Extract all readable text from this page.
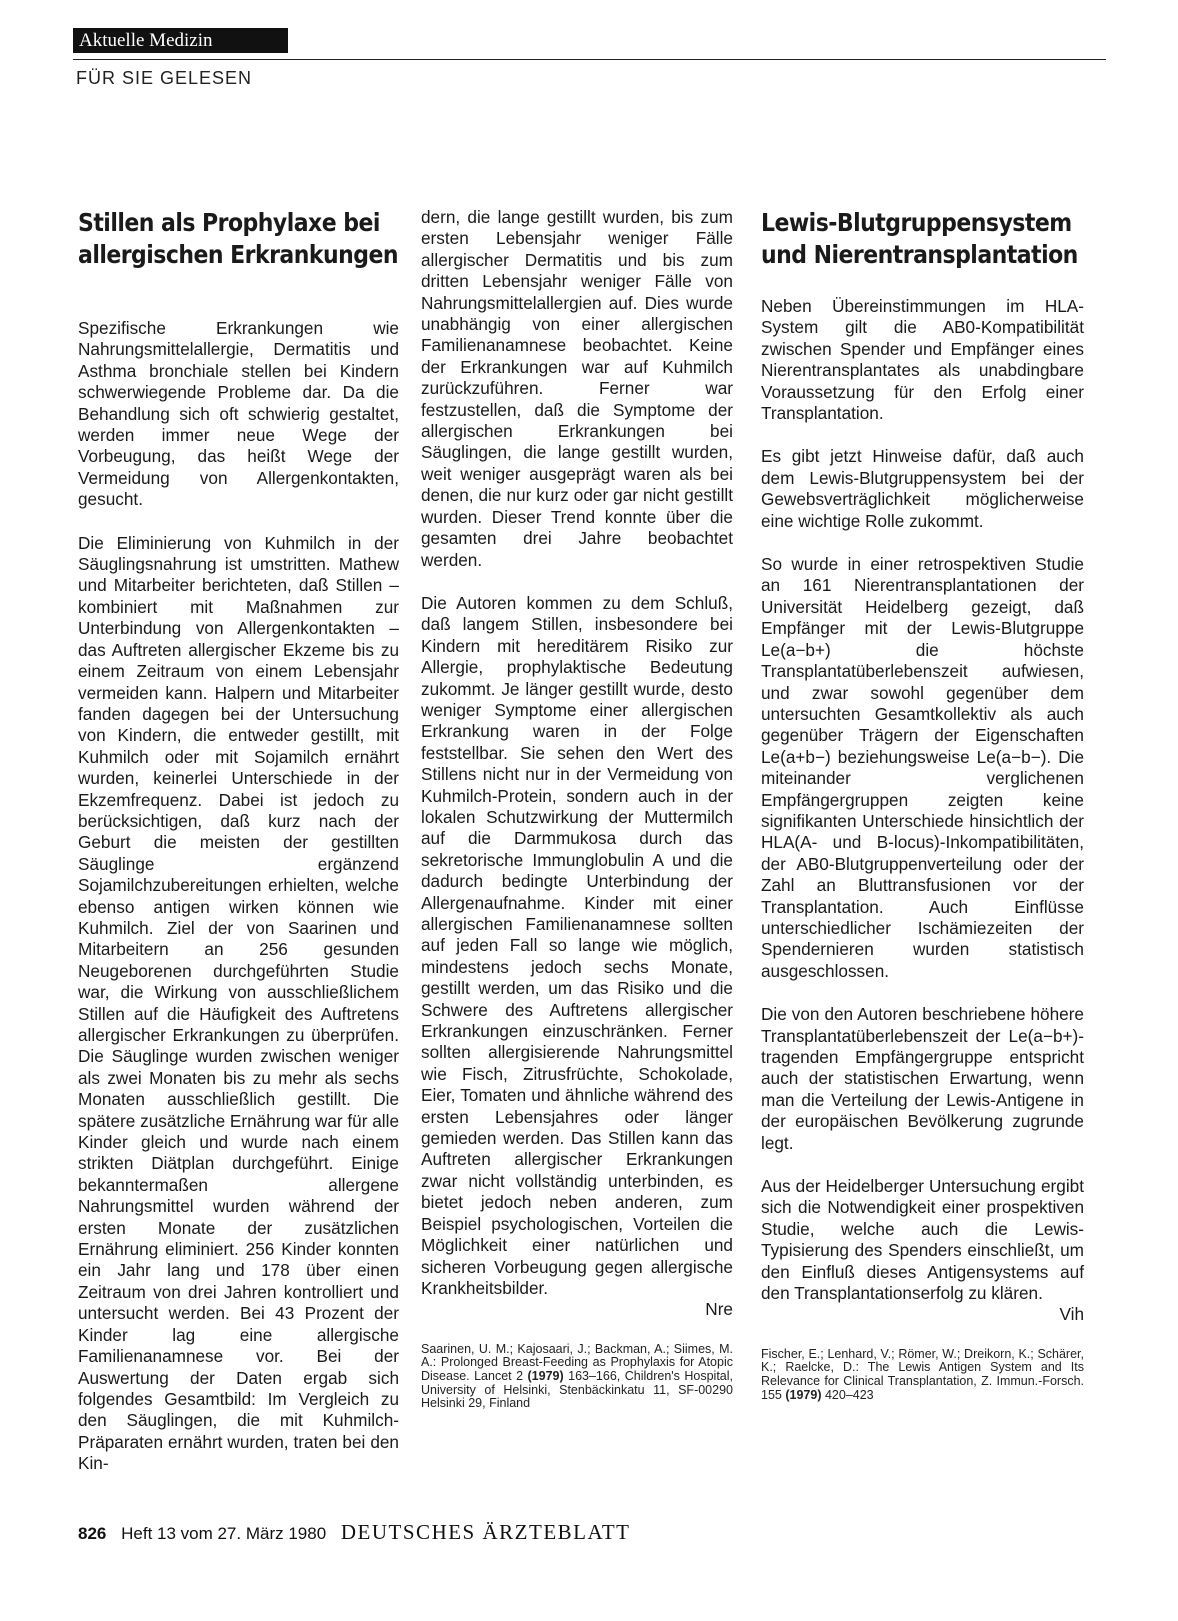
Aktuelle Medizin
FÜR SIE GELESEN
Stillen als Prophylaxe bei
allergischen Erkrankungen

Spezifische Erkrankungen wie Nahrungsmittelallergie, Dermatitis und Asthma bronchiale stellen bei Kindern schwerwiegende Probleme dar. Da die Behandlung sich oft schwierig gestaltet, werden immer neue Wege der Vorbeugung, das heißt Wege der Vermeidung von Allergenkontakten, gesucht.

Die Eliminierung von Kuhmilch in der Säuglingsnahrung ist umstritten. Mathew und Mitarbeiter berichteten, daß Stillen – kombiniert mit Maßnahmen zur Unterbindung von Allergenkontakten – das Auftreten allergischer Ekzeme bis zu einem Zeitraum von einem Lebensjahr vermeiden kann. Halpern und Mitarbeiter fanden dagegen bei der Untersuchung von Kindern, die entweder gestillt, mit Kuhmilch oder mit Sojamilch ernährt wurden, keinerlei Unterschiede in der Ekzemfrequenz. Dabei ist jedoch zu berücksichtigen, daß kurz nach der Geburt die meisten der gestillten Säuglinge ergänzend Sojamilchzubereitungen erhielten, welche ebenso antigen wirken können wie Kuhmilch. Ziel der von Saarinen und Mitarbeitern an 256 gesunden Neugeborenen durchgeführten Studie war, die Wirkung von ausschließlichem Stillen auf die Häufigkeit des Auftretens allergischer Erkrankungen zu überprüfen. Die Säuglinge wurden zwischen weniger als zwei Monaten bis zu mehr als sechs Monaten ausschließlich gestillt. Die spätere zusätzliche Ernährung war für alle Kinder gleich und wurde nach einem strikten Diätplan durchgeführt. Einige bekanntermaßen allergene Nahrungsmittel wurden während der ersten Monate der zusätzlichen Ernährung eliminiert. 256 Kinder konnten ein Jahr lang und 178 über einen Zeitraum von drei Jahren kontrolliert und untersucht werden. Bei 43 Prozent der Kinder lag eine allergische Familienanamnese vor. Bei der Auswertung der Daten ergab sich folgendes Gesamtbild: Im Vergleich zu den Säuglingen, die mit Kuhmilch-Präparaten ernährt wurden, traten bei den Kin-

dern, die lange gestillt wurden, bis zum ersten Lebensjahr weniger Fälle allergischer Dermatitis und bis zum dritten Lebensjahr weniger Fälle von Nahrungsmittelallergien auf. Dies wurde unabhängig von einer allergischen Familienanamnese beobachtet. Keine der Erkrankungen war auf Kuhmilch zurückzuführen. Ferner war festzustellen, daß die Symptome der allergischen Erkrankungen bei Säuglingen, die lange gestillt wurden, weit weniger ausgeprägt waren als bei denen, die nur kurz oder gar nicht gestillt wurden. Dieser Trend konnte über die gesamten drei Jahre beobachtet werden.

Die Autoren kommen zu dem Schluß, daß langem Stillen, insbesondere bei Kindern mit hereditärem Risiko zur Allergie, prophylaktische Bedeutung zukommt. Je länger gestillt wurde, desto weniger Symptome einer allergischen Erkrankung waren in der Folge feststellbar. Sie sehen den Wert des Stillens nicht nur in der Vermeidung von Kuhmilch-Protein, sondern auch in der lokalen Schutzwirkung der Muttermilch auf die Darmmukosa durch das sekretorische Immunglobulin A und die dadurch bedingte Unterbindung der Allergenaufnahme. Kinder mit einer allergischen Familienanamnese sollten auf jeden Fall so lange wie möglich, mindestens jedoch sechs Monate, gestillt werden, um das Risiko und die Schwere des Auftretens allergischer Erkrankungen einzuschränken. Ferner sollten allergisierende Nahrungsmittel wie Fisch, Zitrusfrüchte, Schokolade, Eier, Tomaten und ähnliche während des ersten Lebensjahres oder länger gemieden werden. Das Stillen kann das Auftreten allergischer Erkrankungen zwar nicht vollständig unterbinden, es bietet jedoch neben anderen, zum Beispiel psychologischen, Vorteilen die Möglichkeit einer natürlichen und sicheren Vorbeugung gegen allergische Krankheitsbilder.
Nre

Saarinen, U. M.; Kajosaari, J.; Backman, A.; Siimes, M. A.: Prolonged Breast-Feeding as Prophylaxis for Atopic Disease. Lancet 2 (1979) 163–166, Children's Hospital, University of Helsinki, Stenbäckinkatu 11, SF-00290 Helsinki 29, Finland
Lewis-Blutgruppensystem
und Nierentransplantation

Neben Übereinstimmungen im HLA-System gilt die AB0-Kompatibilität zwischen Spender und Empfänger eines Nierentransplantates als unabdingbare Voraussetzung für den Erfolg einer Transplantation.

Es gibt jetzt Hinweise dafür, daß auch dem Lewis-Blutgruppensystem bei der Gewebsverträglichkeit möglicherweise eine wichtige Rolle zukommt.

So wurde in einer retrospektiven Studie an 161 Nierentransplantationen der Universität Heidelberg gezeigt, daß Empfänger mit der Lewis-Blutgruppe Le(a−b+) die höchste Transplantatüberlebenszeit aufwiesen, und zwar sowohl gegenüber dem untersuchten Gesamtkollektiv als auch gegenüber Trägern der Eigenschaften Le(a+b−) beziehungsweise Le(a−b−). Die miteinander verglichenen Empfängergruppen zeigten keine signifikanten Unterschiede hinsichtlich der HLA(A- und B-locus)-Inkompatibilitäten, der AB0-Blutgruppenverteilung oder der Zahl an Bluttransfusionen vor der Transplantation. Auch Einflüsse unterschiedlicher Ischämiezeiten der Spendernieren wurden statistisch ausgeschlossen.

Die von den Autoren beschriebene höhere Transplantatüberlebenszeit der Le(a−b+)-tragenden Empfängergruppe entspricht auch der statistischen Erwartung, wenn man die Verteilung der Lewis-Antigene in der europäischen Bevölkerung zugrunde legt.

Aus der Heidelberger Untersuchung ergibt sich die Notwendigkeit einer prospektiven Studie, welche auch die Lewis-Typisierung des Spenders einschließt, um den Einfluß dieses Antigensystems auf den Transplantationserfolg zu klären.
Vih

Fischer, E.; Lenhard, V.; Römer, W.; Dreikorn, K.; Schärer, K.; Raelcke, D.: The Lewis Antigen System and Its Relevance for Clinical Transplantation, Z. Immun.-Forsch. 155 (1979) 420–423
826 Heft 13 vom 27. März 1980 DEUTSCHES ÄRZTEBLATT
